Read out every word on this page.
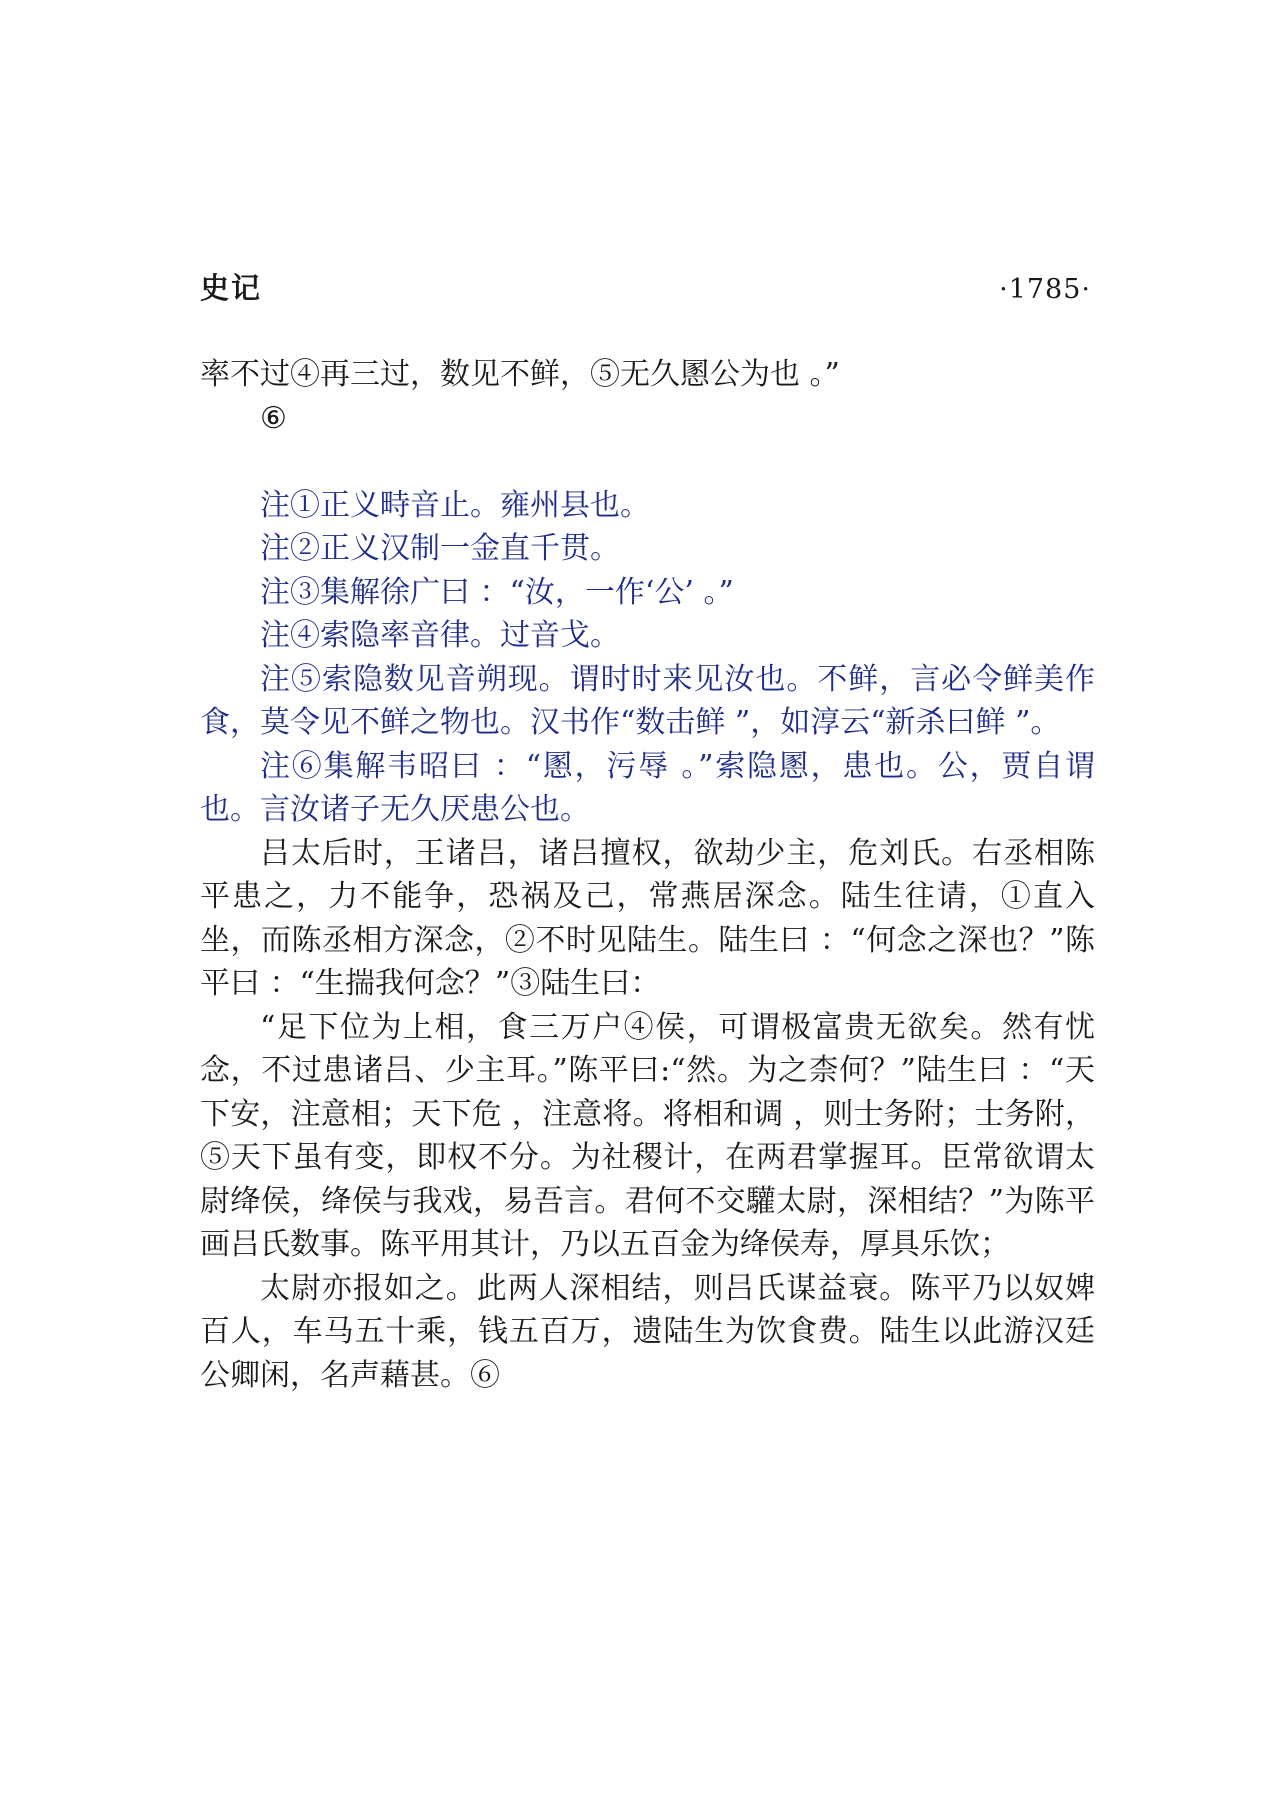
史记	·1785·

率不过④再三过，数见不鲜，⑤无久慁公为也 。”

⑥

注①正义畤音止。雍州县也。

注②正义汉制一金直千贯。

注③集解徐广曰 ：“汝，一作‘公’ 。”

注④索隐率音律。过音戈。

注⑤索隐数见音朔现。谓时时来见汝也。不鲜，言必令鲜美作食，莫令见不鲜之物也。汉书作“数击鲜 ”，如淳云“新杀曰鲜 ”。

注⑥集解韦昭曰 ：“慁，污辱 。”索隐慁，患也。公，贾自谓也。言汝诸子无久厌患公也。

吕太后时，王诸吕，诸吕擅权，欲劫少主，危刘氏。右丞相陈平患之，力不能争，恐祸及己，常燕居深念。陆生往请，①直入坐，而陈丞相方深念，②不时见陆生。陆生曰 ：“何念之深也？”陈平曰 ：“生揣我何念？”③陆生曰：

“足下位为上相，食三万户④侯，可谓极富贵无欲矣。然有忧念，不过患诸吕、少主耳。”陈平曰:“然。为之柰何？”陆生曰 ：“天下安，注意相；天下危 ，注意将。将相和调 ，则士务附；士务附，⑤天下虽有变，即权不分。为社稷计，在两君掌握耳。臣常欲谓太尉绛侯，绛侯与我戏，易吾言。君何不交驩太尉，深相结？”为陈平画吕氏数事。陈平用其计，乃以五百金为绛侯寿，厚具乐饮；

太尉亦报如之。此两人深相结，则吕氏谋益衰。陈平乃以奴婢百人，车马五十乘，钱五百万，遗陆生为饮食费。陆生以此游汉廷公卿闲，名声藉甚。⑥
